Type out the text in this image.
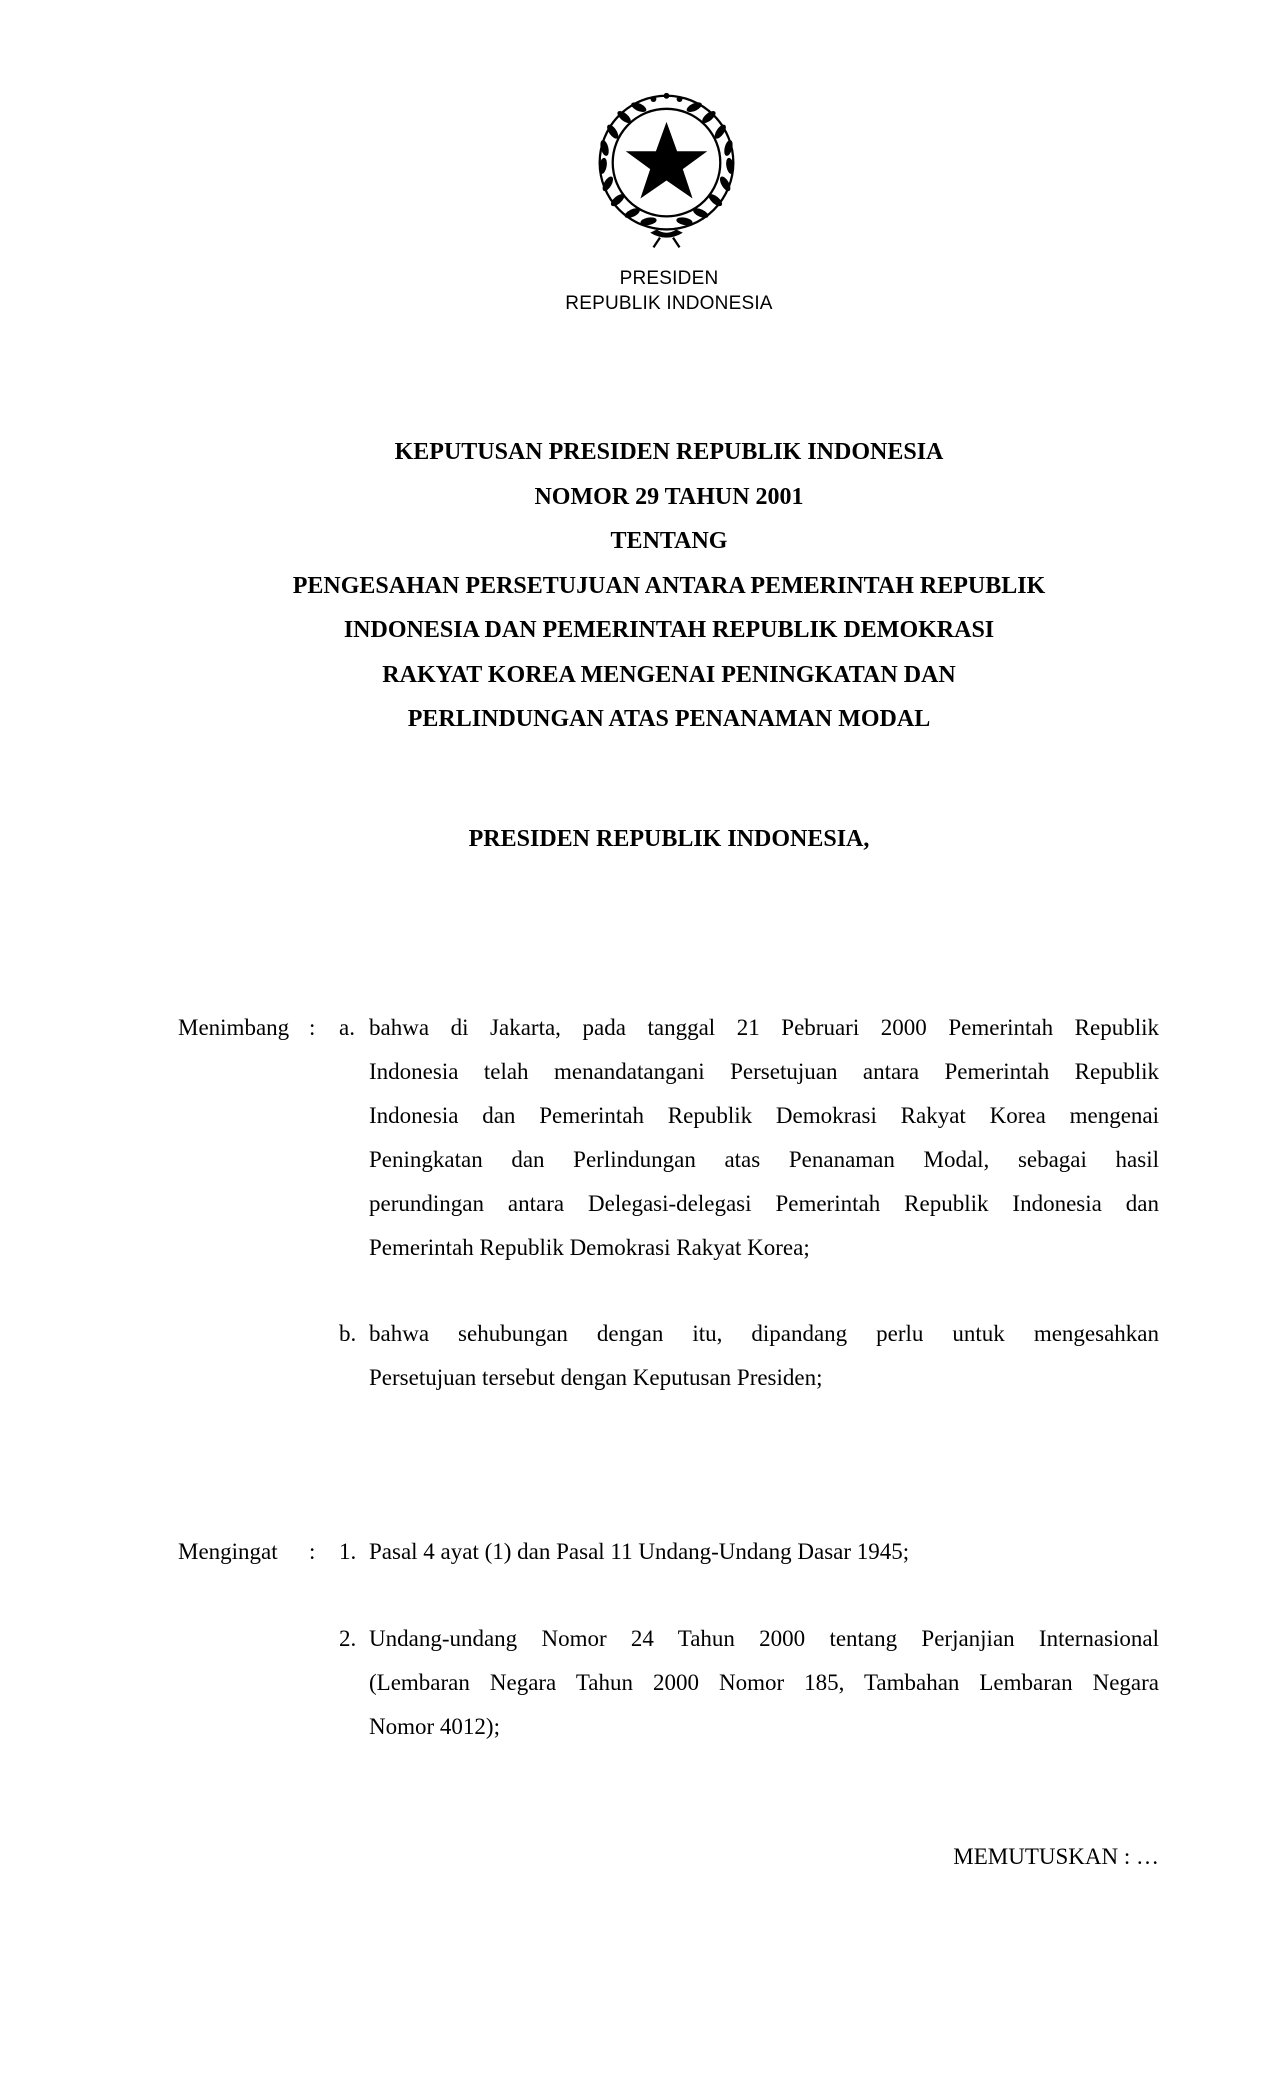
PRESIDEN
REPUBLIK INDONESIA
KEPUTUSAN PRESIDEN REPUBLIK INDONESIA
NOMOR 29 TAHUN 2001
TENTANG
PENGESAHAN PERSETUJUAN ANTARA PEMERINTAH REPUBLIK
INDONESIA DAN PEMERINTAH REPUBLIK DEMOKRASI
RAKYAT KOREA MENGENAI PENINGKATAN DAN
PERLINDUNGAN ATAS PENANAMAN MODAL
PRESIDEN REPUBLIK INDONESIA,
Menimbang : a. bahwa di Jakarta, pada tanggal 21 Pebruari 2000 Pemerintah Republik
Indonesia telah menandatangani Persetujuan antara Pemerintah Republik
Indonesia dan Pemerintah Republik Demokrasi Rakyat Korea mengenai
Peningkatan dan Perlindungan atas Penanaman Modal, sebagai hasil
perundingan antara Delegasi-delegasi Pemerintah Republik Indonesia dan
Pemerintah Republik Demokrasi Rakyat Korea;
b. bahwa sehubungan dengan itu, dipandang perlu untuk mengesahkan
Persetujuan tersebut dengan Keputusan Presiden;
Mengingat : 1. Pasal 4 ayat (1) dan Pasal 11 Undang-Undang Dasar 1945;
2. Undang-undang Nomor 24 Tahun 2000 tentang Perjanjian Internasional
(Lembaran Negara Tahun 2000 Nomor 185, Tambahan Lembaran Negara
Nomor 4012);
MEMUTUSKAN : …
